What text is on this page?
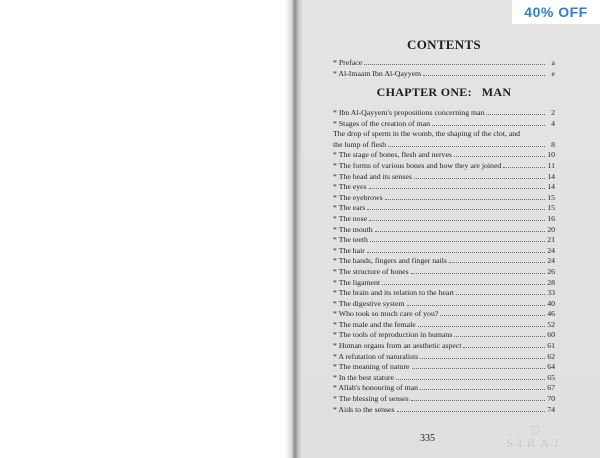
40% OFF
CONTENTS
* Preface	a
* Al-Imaam Ibn Al-Qayyem	e
CHAPTER ONE:   MAN
* Ibn Al-Qayyem's propositions concerning man	2
* Stages of the creation of man	4
The drop of sperm in the womb, the shaping of the clot, and
the lump of flesh	8
* The stage of bones, flesh and nerves	10
* The forms of various bones and how they are joined	11
* The head and its senses	14
* The eyes	14
* The eyebrows	15
* The ears	15
* The nose	16
* The mouth	20
* The teeth	21
* The hair	24
* The hands, fingers and finger nails	24
* The structure of bones	26
* The ligament	28
* The brain and its relation to the heart	33
* The digestive system	40
* Who took so much care of you?	46
* The male and the female	52
* The tools of reproduction in humans	60
* Human organs from an aesthetic aspect	61
* A refutation of naturalists	62
* The meaning of nature	64
* In the best stature	65
* Allah's honouring of man	67
* The blessing of senses	70
* Aids to the senses	74

335

۞
SIRAJ
